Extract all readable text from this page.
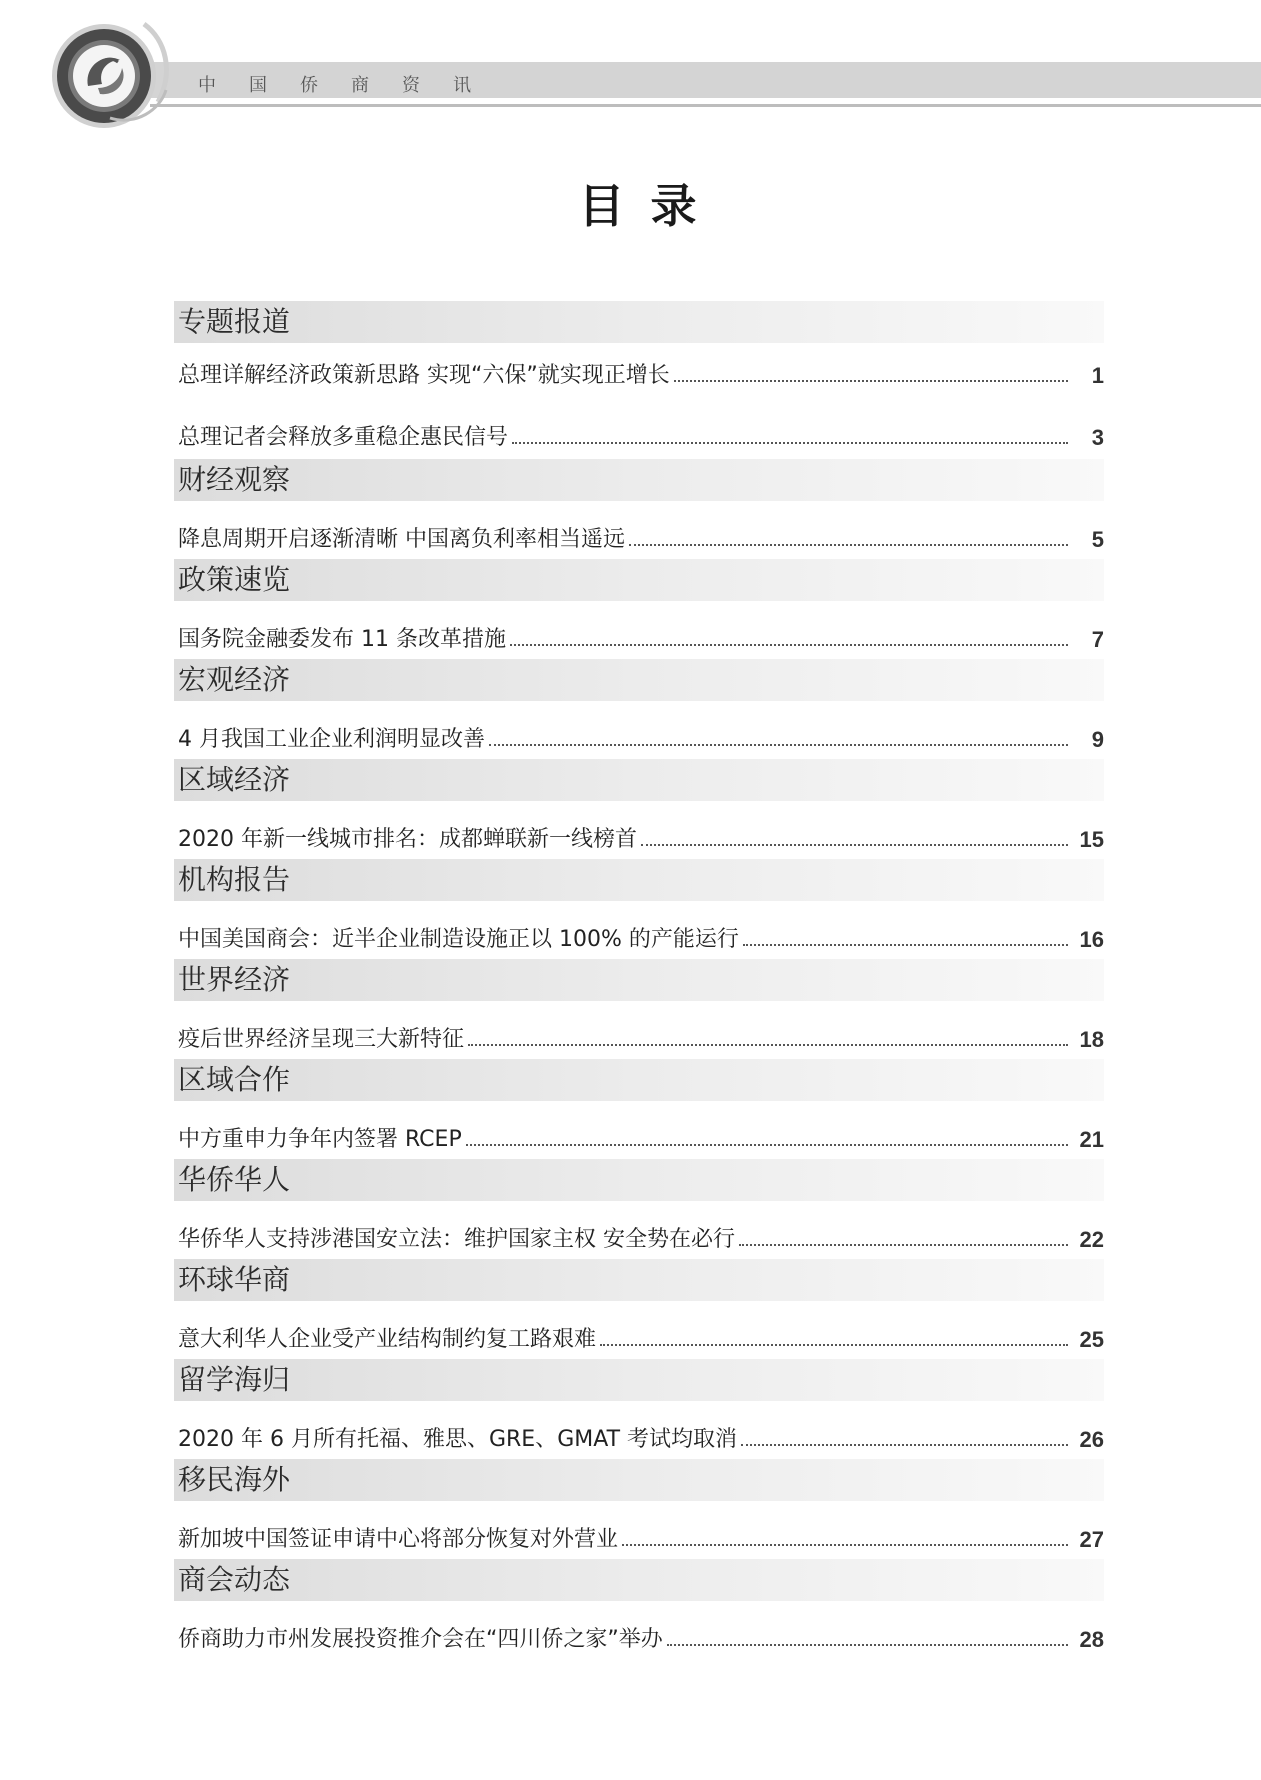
中国侨商资讯
目录
专题报道
总理详解经济政策新思路 实现“六保”就实现正增长	1
总理记者会释放多重稳企惠民信号	3
财经观察
降息周期开启逐渐清晰 中国离负利率相当遥远	5
政策速览
国务院金融委发布 11 条改革措施	7
宏观经济
4 月我国工业企业利润明显改善	9
区域经济
2020 年新一线城市排名：成都蝉联新一线榜首	15
机构报告
中国美国商会：近半企业制造设施正以 100% 的产能运行	16
世界经济
疫后世界经济呈现三大新特征	18
区域合作
中方重申力争年内签署 RCEP	21
华侨华人
华侨华人支持涉港国安立法：维护国家主权 安全势在必行	22
环球华商
意大利华人企业受产业结构制约复工路艰难	25
留学海归
2020 年 6 月所有托福、雅思、GRE、GMAT 考试均取消	26
移民海外
新加坡中国签证申请中心将部分恢复对外营业	27
商会动态
侨商助力市州发展投资推介会在“四川侨之家”举办	28
